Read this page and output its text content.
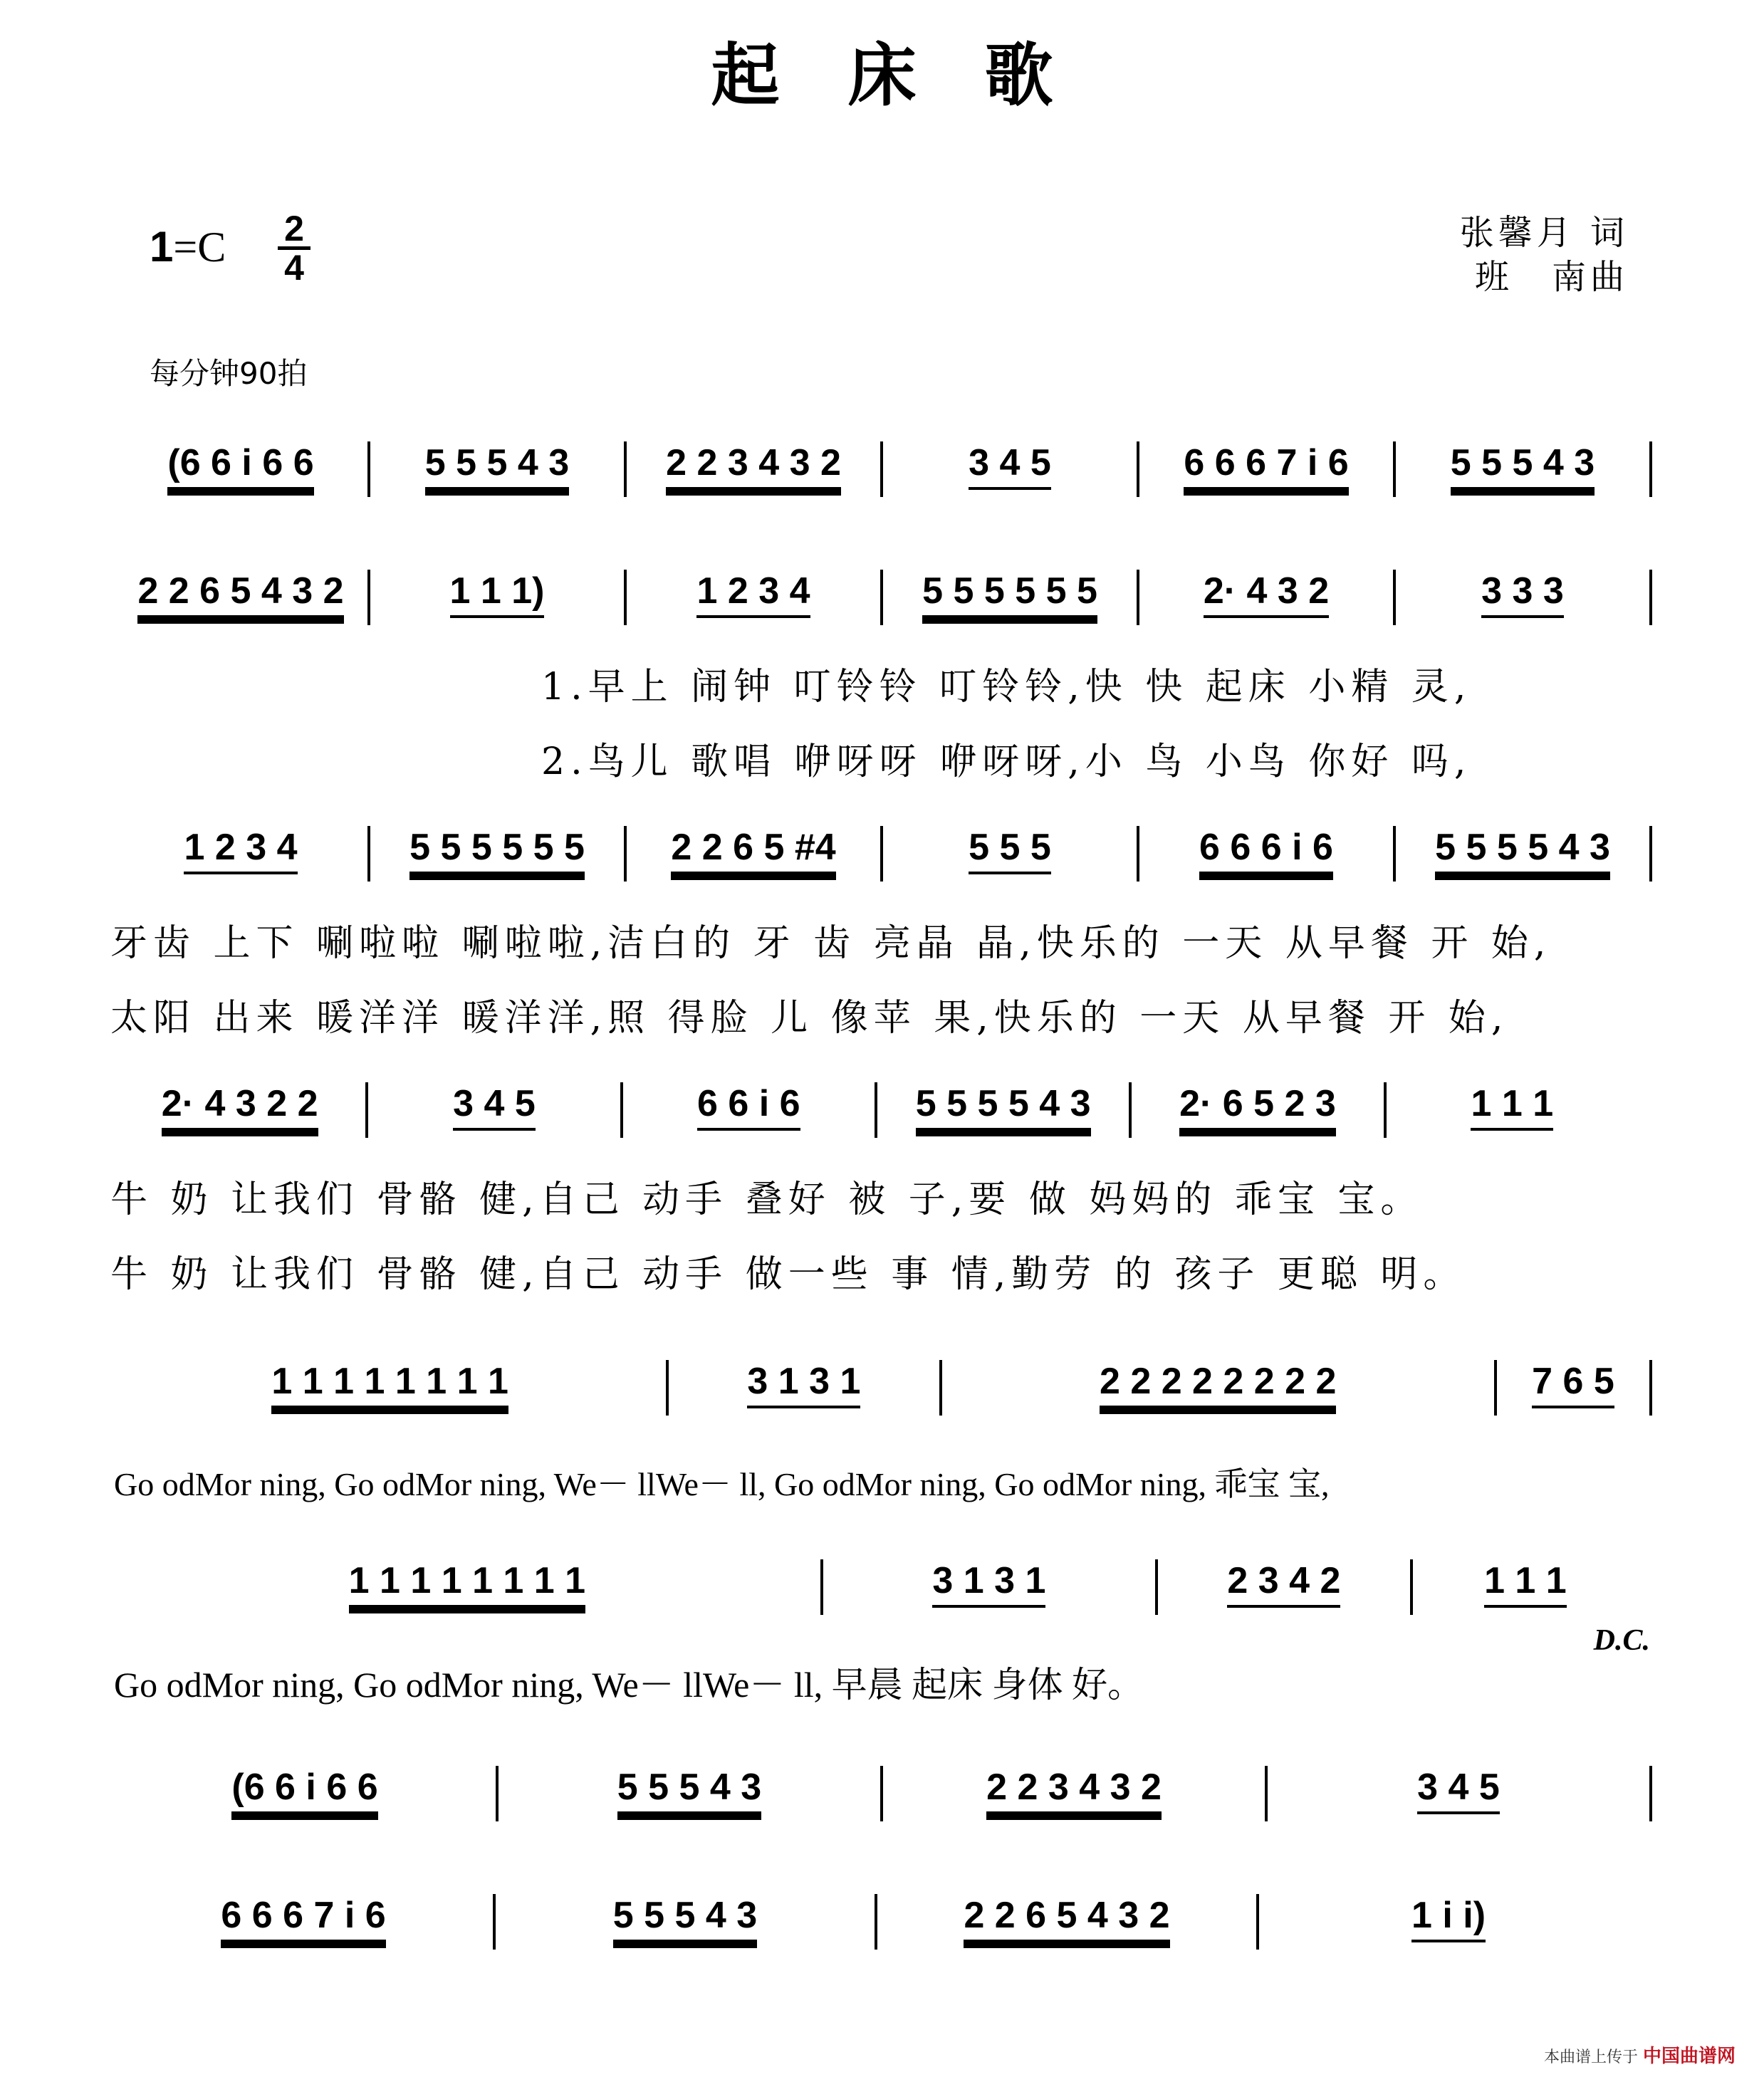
起　床　歌
1=C 2
4
张馨月 词
班　南曲
每分钟90拍
(6 6 i 6 6	5 5 5 4 3	2 2 3 4 3 2	3 4 5	6 6 6 7 i 6	5 5 5 4 3
2 2 6 5 4 3 2	1 1 1)	1 2 3 4	5 5 5 5 5 5	2· 4 3 2	3 3 3
1.早上 闹钟 叮铃铃 叮铃铃,快 快 起床 小精 灵,
2.鸟儿 歌唱 咿呀呀 咿呀呀,小 鸟 小鸟 你好 吗,
1 2 3 4	5 5 5 5 5 5 2 2 6 5 #4	5 5 5	6 6 6 i 6	5 5 5 5 4 3
牙齿 上下 唰啦啦 唰啦啦,洁白的 牙 齿 亮晶 晶,快乐的 一天 从早餐 开 始,
太阳 出来 暖洋洋 暖洋洋,照 得脸 儿 像苹 果,快乐的 一天 从早餐 开 始,
2· 4 3 2 2	3 4 5	6 6 i 6	5 5 5 5 4 3 2· 6 5 2 3	1 1 1
牛 奶 让我们 骨骼 健,自己 动手 叠好 被 子,要 做 妈妈的 乖宝 宝。
牛 奶 让我们 骨骼 健,自己 动手 做一些 事 情,勤劳 的 孩子 更聪 明。
1 1 1 1 1 1 1 1	3 1 3 1	2 2 2 2 2 2 2 2	7 6 5
Go odMor ning, Go odMor ning, We－ llWe－ ll, Go odMor ning, Go odMor ning, 乖宝 宝,
1 1 1 1 1 1 1 1	3 1 3 1	2 3 4 2	1 1 1
D.C.
Go odMor ning, Go odMor ning, We－ llWe－ ll, 早晨 起床 身体 好。
(6 6 i 6 6	5 5 5 4 3	2 2 3 4 3 2	3 4 5
6 6 6 7 i 6	5 5 5 4 3	2 2 6 5 4 3 2	1 i i)
本曲谱上传于 中国曲谱网
